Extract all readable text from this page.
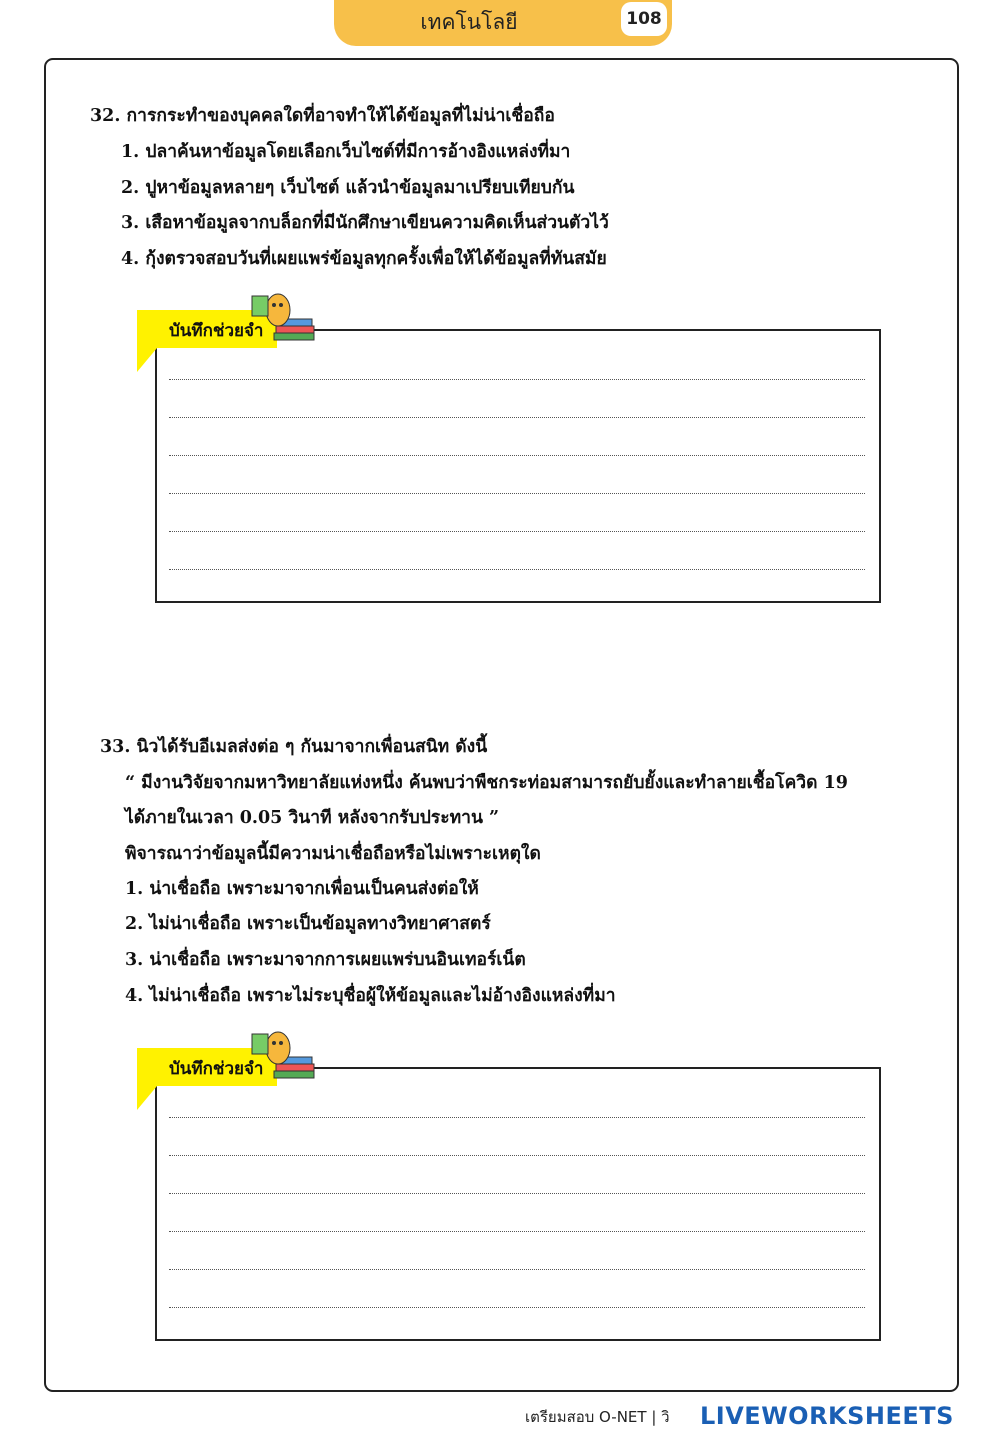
เทคโนโลยี	108
32. การกระทำของบุคคลใดที่อาจทำให้ได้ข้อมูลที่ไม่น่าเชื่อถือ
1. ปลาค้นหาข้อมูลโดยเลือกเว็บไซต์ที่มีการอ้างอิงแหล่งที่มา
2. ปูหาข้อมูลหลายๆ เว็บไซต์ แล้วนำข้อมูลมาเปรียบเทียบกัน
3. เสือหาข้อมูลจากบล็อกที่มีนักศึกษาเขียนความคิดเห็นส่วนตัวไว้
4. กุ้งตรวจสอบวันที่เผยแพร่ข้อมูลทุกครั้งเพื่อให้ได้ข้อมูลที่ทันสมัย
บันทึกช่วยจำ
33. นิวได้รับอีเมลส่งต่อ ๆ กันมาจากเพื่อนสนิท ดังนี้
“ มีงานวิจัยจากมหาวิทยาลัยแห่งหนึ่ง ค้นพบว่าพืชกระท่อมสามารถยับยั้งและทำลายเชื้อโควิด 19
ได้ภายในเวลา 0.05 วินาที หลังจากรับประทาน ”
พิจารณาว่าข้อมูลนี้มีความน่าเชื่อถือหรือไม่เพราะเหตุใด
1. น่าเชื่อถือ เพราะมาจากเพื่อนเป็นคนส่งต่อให้
2. ไม่น่าเชื่อถือ เพราะเป็นข้อมูลทางวิทยาศาสตร์
3. น่าเชื่อถือ เพราะมาจากการเผยแพร่บนอินเทอร์เน็ต
4. ไม่น่าเชื่อถือ เพราะไม่ระบุชื่อผู้ให้ข้อมูลและไม่อ้างอิงแหล่งที่มา
บันทึกช่วยจำ
เตรียมสอบ O-NET | วิ LIVEWORKSHEETS
